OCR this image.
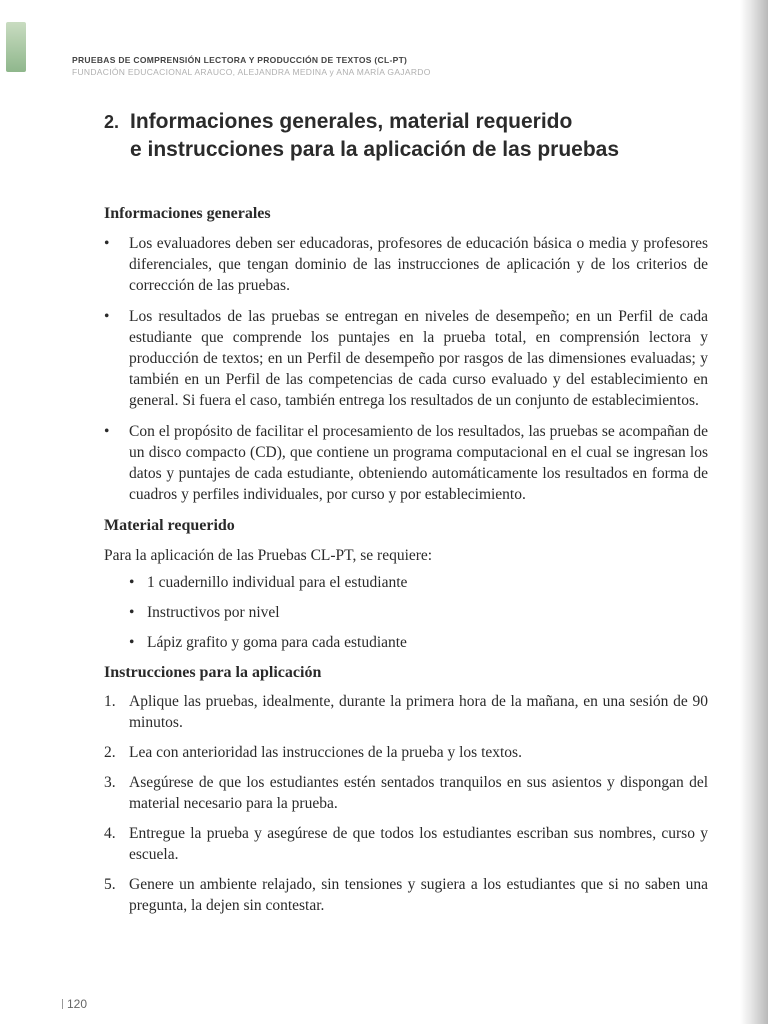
PRUEBAS DE COMPRENSIÓN LECTORA Y PRODUCCIÓN DE TEXTOS (CL-PT)
FUNDACIÓN EDUCACIONAL ARAUCO, ALEJANDRA MEDINA y ANA MARÍA GAJARDO
2. Informaciones generales, material requerido
e instrucciones para la aplicación de las pruebas

Informaciones generales

• Los evaluadores deben ser educadoras, profesores de educación básica o media y profesores diferenciales, que tengan dominio de las instrucciones de aplicación y de los criterios de corrección de las pruebas.
• Los resultados de las pruebas se entregan en niveles de desempeño; en un Perfil de cada estudiante que comprende los puntajes en la prueba total, en comprensión lectora y producción de textos; en un Perfil de desempeño por rasgos de las dimensiones evaluadas; y también en un Perfil de las competencias de cada curso evaluado y del establecimiento en general. Si fuera el caso, también entrega los resultados de un conjunto de establecimientos.
• Con el propósito de facilitar el procesamiento de los resultados, las pruebas se acompañan de un disco compacto (CD), que contiene un programa computacional en el cual se ingresan los datos y puntajes de cada estudiante, obteniendo automáticamente los resultados en forma de cuadros y perfiles individuales, por curso y por establecimiento.

Material requerido

Para la aplicación de las Pruebas CL-PT, se requiere:

• 1 cuadernillo individual para el estudiante
• Instructivos por nivel
• Lápiz grafito y goma para cada estudiante

Instrucciones para la aplicación

1. Aplique las pruebas, idealmente, durante la primera hora de la mañana, en una sesión de 90 minutos.
2. Lea con anterioridad las instrucciones de la prueba y los textos.
3. Asegúrese de que los estudiantes estén sentados tranquilos en sus asientos y dispongan del material necesario para la prueba.
4. Entregue la prueba y asegúrese de que todos los estudiantes escriban sus nombres, curso y escuela.
5. Genere un ambiente relajado, sin tensiones y sugiera a los estudiantes que si no saben una pregunta, la dejen sin contestar.
120
